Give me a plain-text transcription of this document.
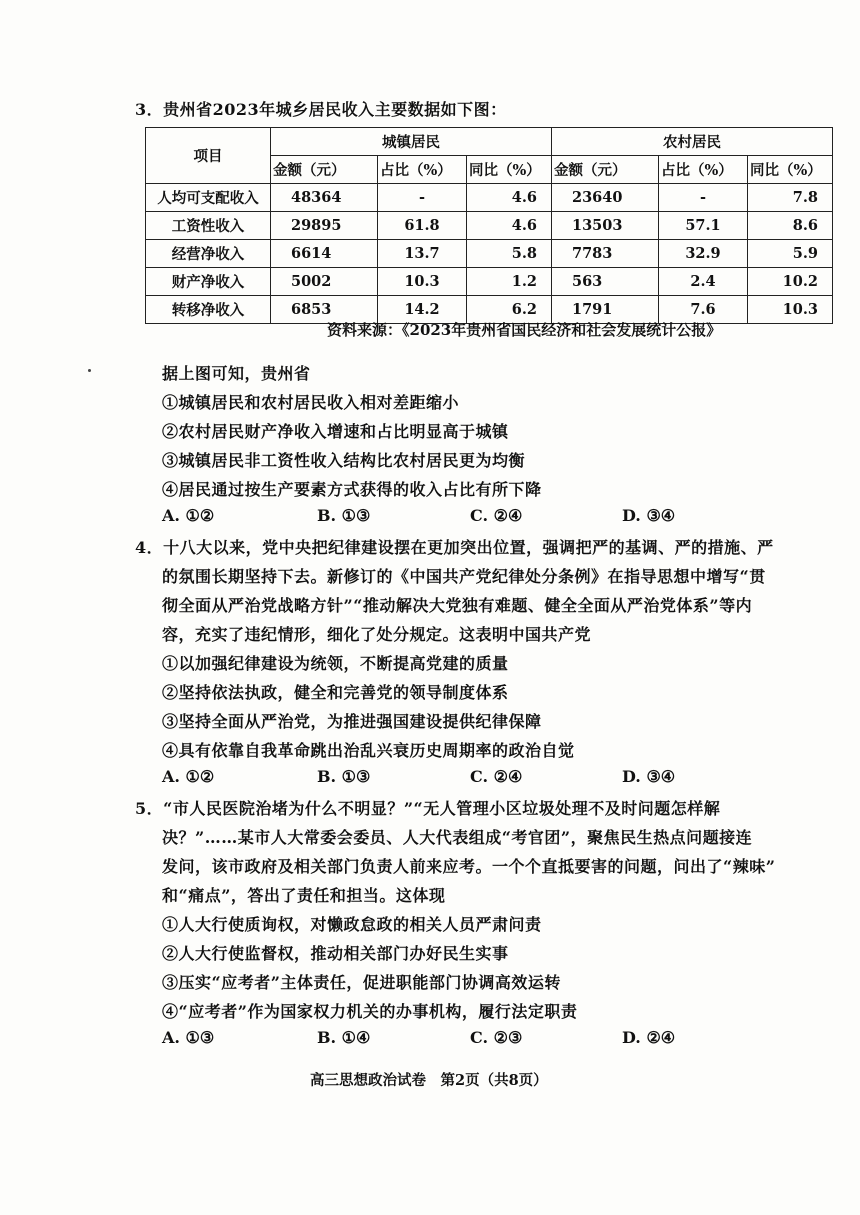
3．贵州省2023年城乡居民收入主要数据如下图：
项目	城镇居民			农村居民		
	金额（元）	占比（%）	同比（%）	金额（元）	占比（%）	同比（%）
人均可支配收入	48364	-	4.6	23640	-	7.8
工资性收入	29895	61.8	4.6	13503	57.1	8.6
经营净收入	6614	13.7	5.8	7783	32.9	5.9
财产净收入	5002	10.3	1.2	563	2.4	10.2
转移净收入	6853	14.2	6.2	1791	7.6	10.3
资料来源：《2023年贵州省国民经济和社会发展统计公报》
据上图可知，贵州省
①城镇居民和农村居民收入相对差距缩小
②农村居民财产净收入增速和占比明显高于城镇
③城镇居民非工资性收入结构比农村居民更为均衡
④居民通过按生产要素方式获得的收入占比有所下降
A. ①②	B. ①③	C. ②④	D. ③④
4．十八大以来，党中央把纪律建设摆在更加突出位置，强调把严的基调、严的措施、严
的氛围长期坚持下去。新修订的《中国共产党纪律处分条例》在指导思想中增写“贯
彻全面从严治党战略方针”“推动解决大党独有难题、健全全面从严治党体系”等内
容，充实了违纪情形，细化了处分规定。这表明中国共产党
①以加强纪律建设为统领，不断提高党建的质量
②坚持依法执政，健全和完善党的领导制度体系
③坚持全面从严治党，为推进强国建设提供纪律保障
④具有依靠自我革命跳出治乱兴衰历史周期率的政治自觉
A. ①②	B. ①③	C. ②④	D. ③④
5．“市人民医院治堵为什么不明显？”“无人管理小区垃圾处理不及时问题怎样解
决？”……某市人大常委会委员、人大代表组成“考官团”，聚焦民生热点问题接连
发问，该市政府及相关部门负责人前来应考。一个个直抵要害的问题，问出了“辣味”
和“痛点”，答出了责任和担当。这体现
①人大行使质询权，对懒政怠政的相关人员严肃问责
②人大行使监督权，推动相关部门办好民生实事
③压实“应考者”主体责任，促进职能部门协调高效运转
④“应考者”作为国家权力机关的办事机构，履行法定职责
A. ①③	B. ①④	C. ②③	D. ②④
高三思想政治试卷　第2页（共8页）
